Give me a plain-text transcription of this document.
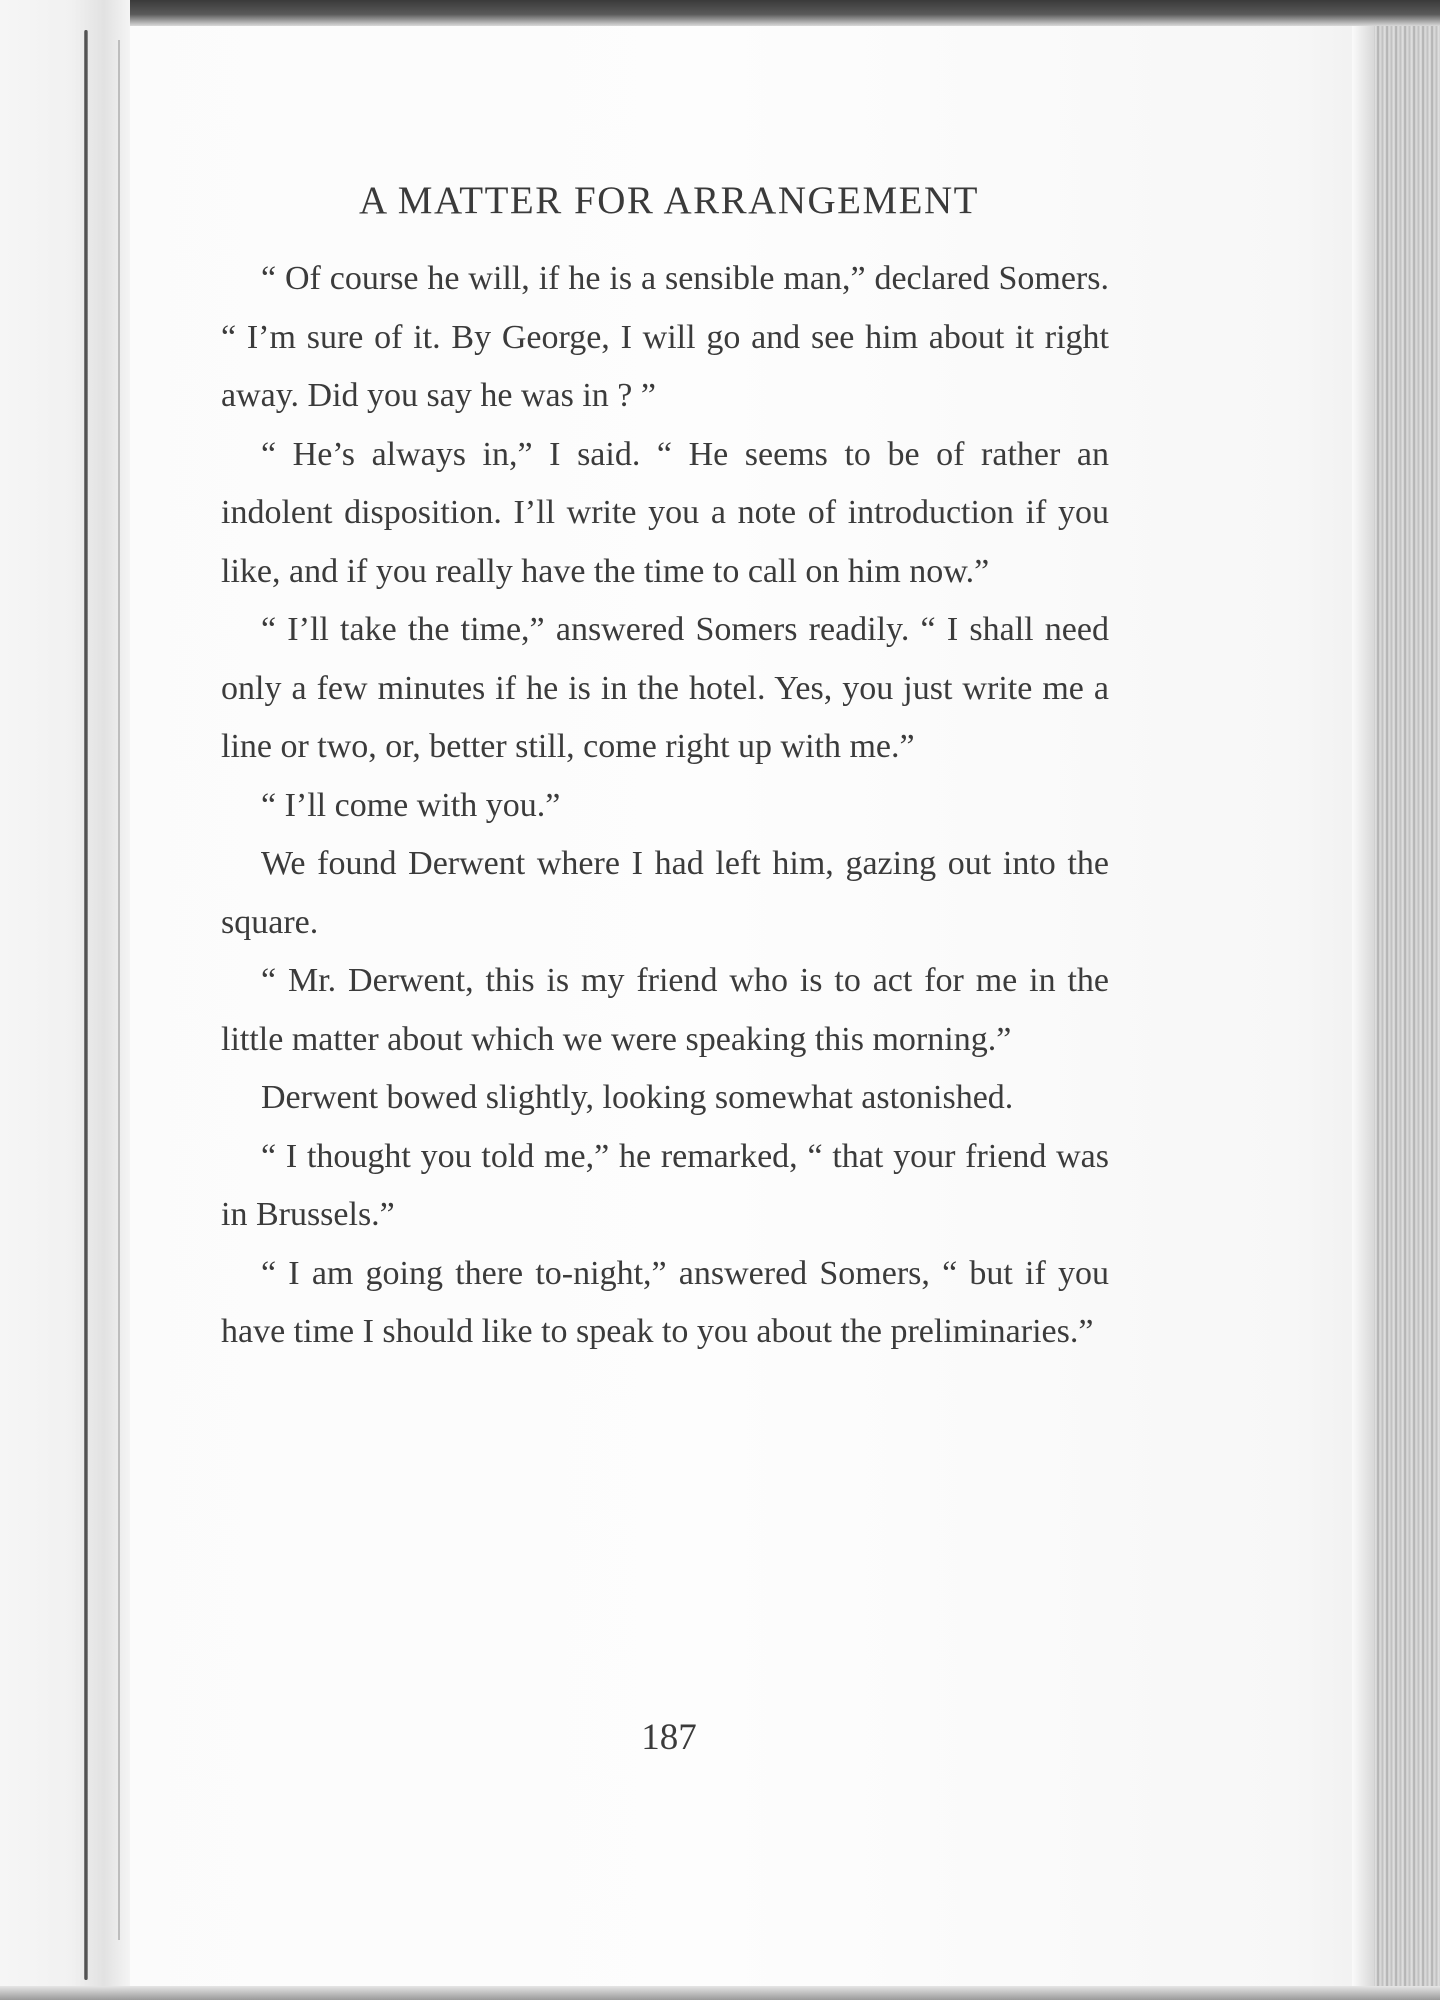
A MATTER FOR ARRANGEMENT

“ Of course he will, if he is a sensible man,” declared Somers. “ I’m sure of it. By George, I will go and see him about it right away. Did you say he was in ? ”

“ He’s always in,” I said. “ He seems to be of rather an indolent disposition. I’ll write you a note of introduction if you like, and if you really have the time to call on him now.”

“ I’ll take the time,” answered Somers readily. “ I shall need only a few minutes if he is in the hotel. Yes, you just write me a line or two, or, better still, come right up with me.”

“ I’ll come with you.”

We found Derwent where I had left him, gazing out into the square.

“ Mr. Derwent, this is my friend who is to act for me in the little matter about which we were speaking this morning.”

Derwent bowed slightly, looking somewhat astonished.

“ I thought you told me,” he remarked, “ that your friend was in Brussels.”

“ I am going there to-night,” answered Somers, “ but if you have time I should like to speak to you about the preliminaries.”

187
